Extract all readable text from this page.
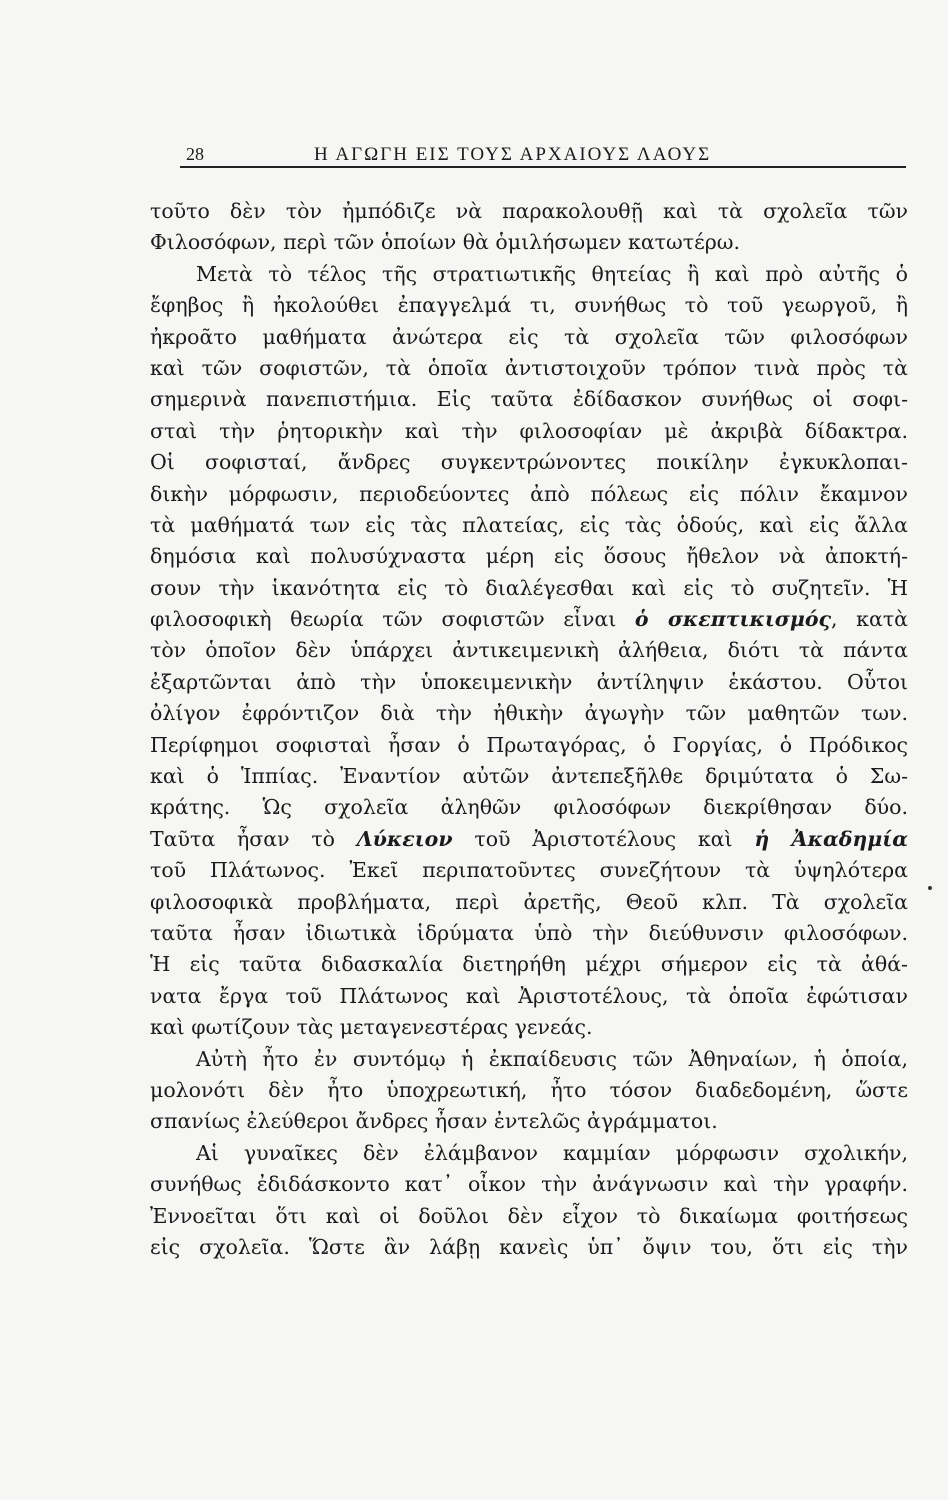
28	Η ΑΓΩΓΗ ΕΙΣ ΤΟΥΣ ΑΡΧΑΙΟΥΣ ΛΑΟΥΣ
τοῦτο δὲν τὸν ἠμπόδιζε νὰ παρακολουθῇ καὶ τὰ σχολεῖα τῶν
Φιλοσόφων, περὶ τῶν ὁποίων θὰ ὁμιλήσωμεν κατωτέρω.
Μετὰ τὸ τέλος τῆς στρατιωτικῆς θητείας ἢ καὶ πρὸ αὐτῆς ὁ
ἔφηβος ἢ ἠκολούθει ἐπαγγελμά τι, συνήθως τὸ τοῦ γεωργοῦ, ἢ
ἠκροᾶτο μαθήματα ἀνώτερα εἰς τὰ σχολεῖα τῶν φιλοσόφων
καὶ τῶν σοφιστῶν, τὰ ὁποῖα ἀντιστοιχοῦν τρόπον τινὰ πρὸς τὰ
σημερινὰ πανεπιστήμια. Εἰς ταῦτα ἐδίδασκον συνήθως οἱ σοφι-
σταὶ τὴν ῥητορικὴν καὶ τὴν φιλοσοφίαν μὲ ἀκριβὰ δίδακτρα.
Οἱ σοφισταί, ἄνδρες συγκεντρώνοντες ποικίλην ἐγκυκλοπαι-
δικὴν μόρφωσιν, περιοδεύοντες ἀπὸ πόλεως εἰς πόλιν ἔκαμνον
τὰ μαθήματά των εἰς τὰς πλατείας, εἰς τὰς ὁδούς, καὶ εἰς ἄλλα
δημόσια καὶ πολυσύχναστα μέρη εἰς ὅσους ἤθελον νὰ ἀποκτή-
σουν τὴν ἱκανότητα εἰς τὸ διαλέγεσθαι καὶ εἰς τὸ συζητεῖν. Ἡ
φιλοσοφικὴ θεωρία τῶν σοφιστῶν εἶναι ὁ σκεπτικισμός, κατὰ
τὸν ὁποῖον δὲν ὑπάρχει ἀντικειμενικὴ ἀλήθεια, διότι τὰ πάντα
ἐξαρτῶνται ἀπὸ τὴν ὑποκειμενικὴν ἀντίληψιν ἑκάστου. Οὗτοι
ὀλίγον ἐφρόντιζον διὰ τὴν ἠθικὴν ἀγωγὴν τῶν μαθητῶν των.
Περίφημοι σοφισταὶ ἦσαν ὁ Πρωταγόρας, ὁ Γοργίας, ὁ Πρόδικος
καὶ ὁ Ἱππίας. Ἐναντίον αὐτῶν ἀντεπεξῆλθε δριμύτατα ὁ Σω-
κράτης. Ὡς σχολεῖα ἀληθῶν φιλοσόφων διεκρίθησαν δύο.
Ταῦτα ἦσαν τὸ Λύκειον τοῦ Ἀριστοτέλους καὶ ἡ Ἀκαδημία
τοῦ Πλάτωνος. Ἐκεῖ περιπατοῦντες συνεζήτουν τὰ ὑψηλότερα
φιλοσοφικὰ προβλήματα, περὶ ἀρετῆς, Θεοῦ κλπ. Τὰ σχολεῖα
ταῦτα ἦσαν ἰδιωτικὰ ἱδρύματα ὑπὸ τὴν διεύθυνσιν φιλοσόφων.
Ἡ εἰς ταῦτα διδασκαλία διετηρήθη μέχρι σήμερον εἰς τὰ ἀθά-
νατα ἔργα τοῦ Πλάτωνος καὶ Ἀριστοτέλους, τὰ ὁποῖα ἐφώτισαν
καὶ φωτίζουν τὰς μεταγενεστέρας γενεάς.
Αὐτὴ ἦτο ἐν συντόμῳ ἡ ἐκπαίδευσις τῶν Ἀθηναίων, ἡ ὁποία,
μολονότι δὲν ἦτο ὑποχρεωτική, ἦτο τόσον διαδεδομένη, ὥστε
σπανίως ἐλεύθεροι ἄνδρες ἦσαν ἐντελῶς ἀγράμματοι.
Αἱ γυναῖκες δὲν ἐλάμβανον καμμίαν μόρφωσιν σχολικήν,
συνήθως ἐδιδάσκοντο κατ᾿ οἶκον τὴν ἀνάγνωσιν καὶ τὴν γραφήν.
Ἐννοεῖται ὅτι καὶ οἱ δοῦλοι δὲν εἶχον τὸ δικαίωμα φοιτήσεως
εἰς σχολεῖα. Ὥστε ἂν λάβῃ κανεὶς ὑπ᾿ ὄψιν του, ὅτι εἰς τὴν
